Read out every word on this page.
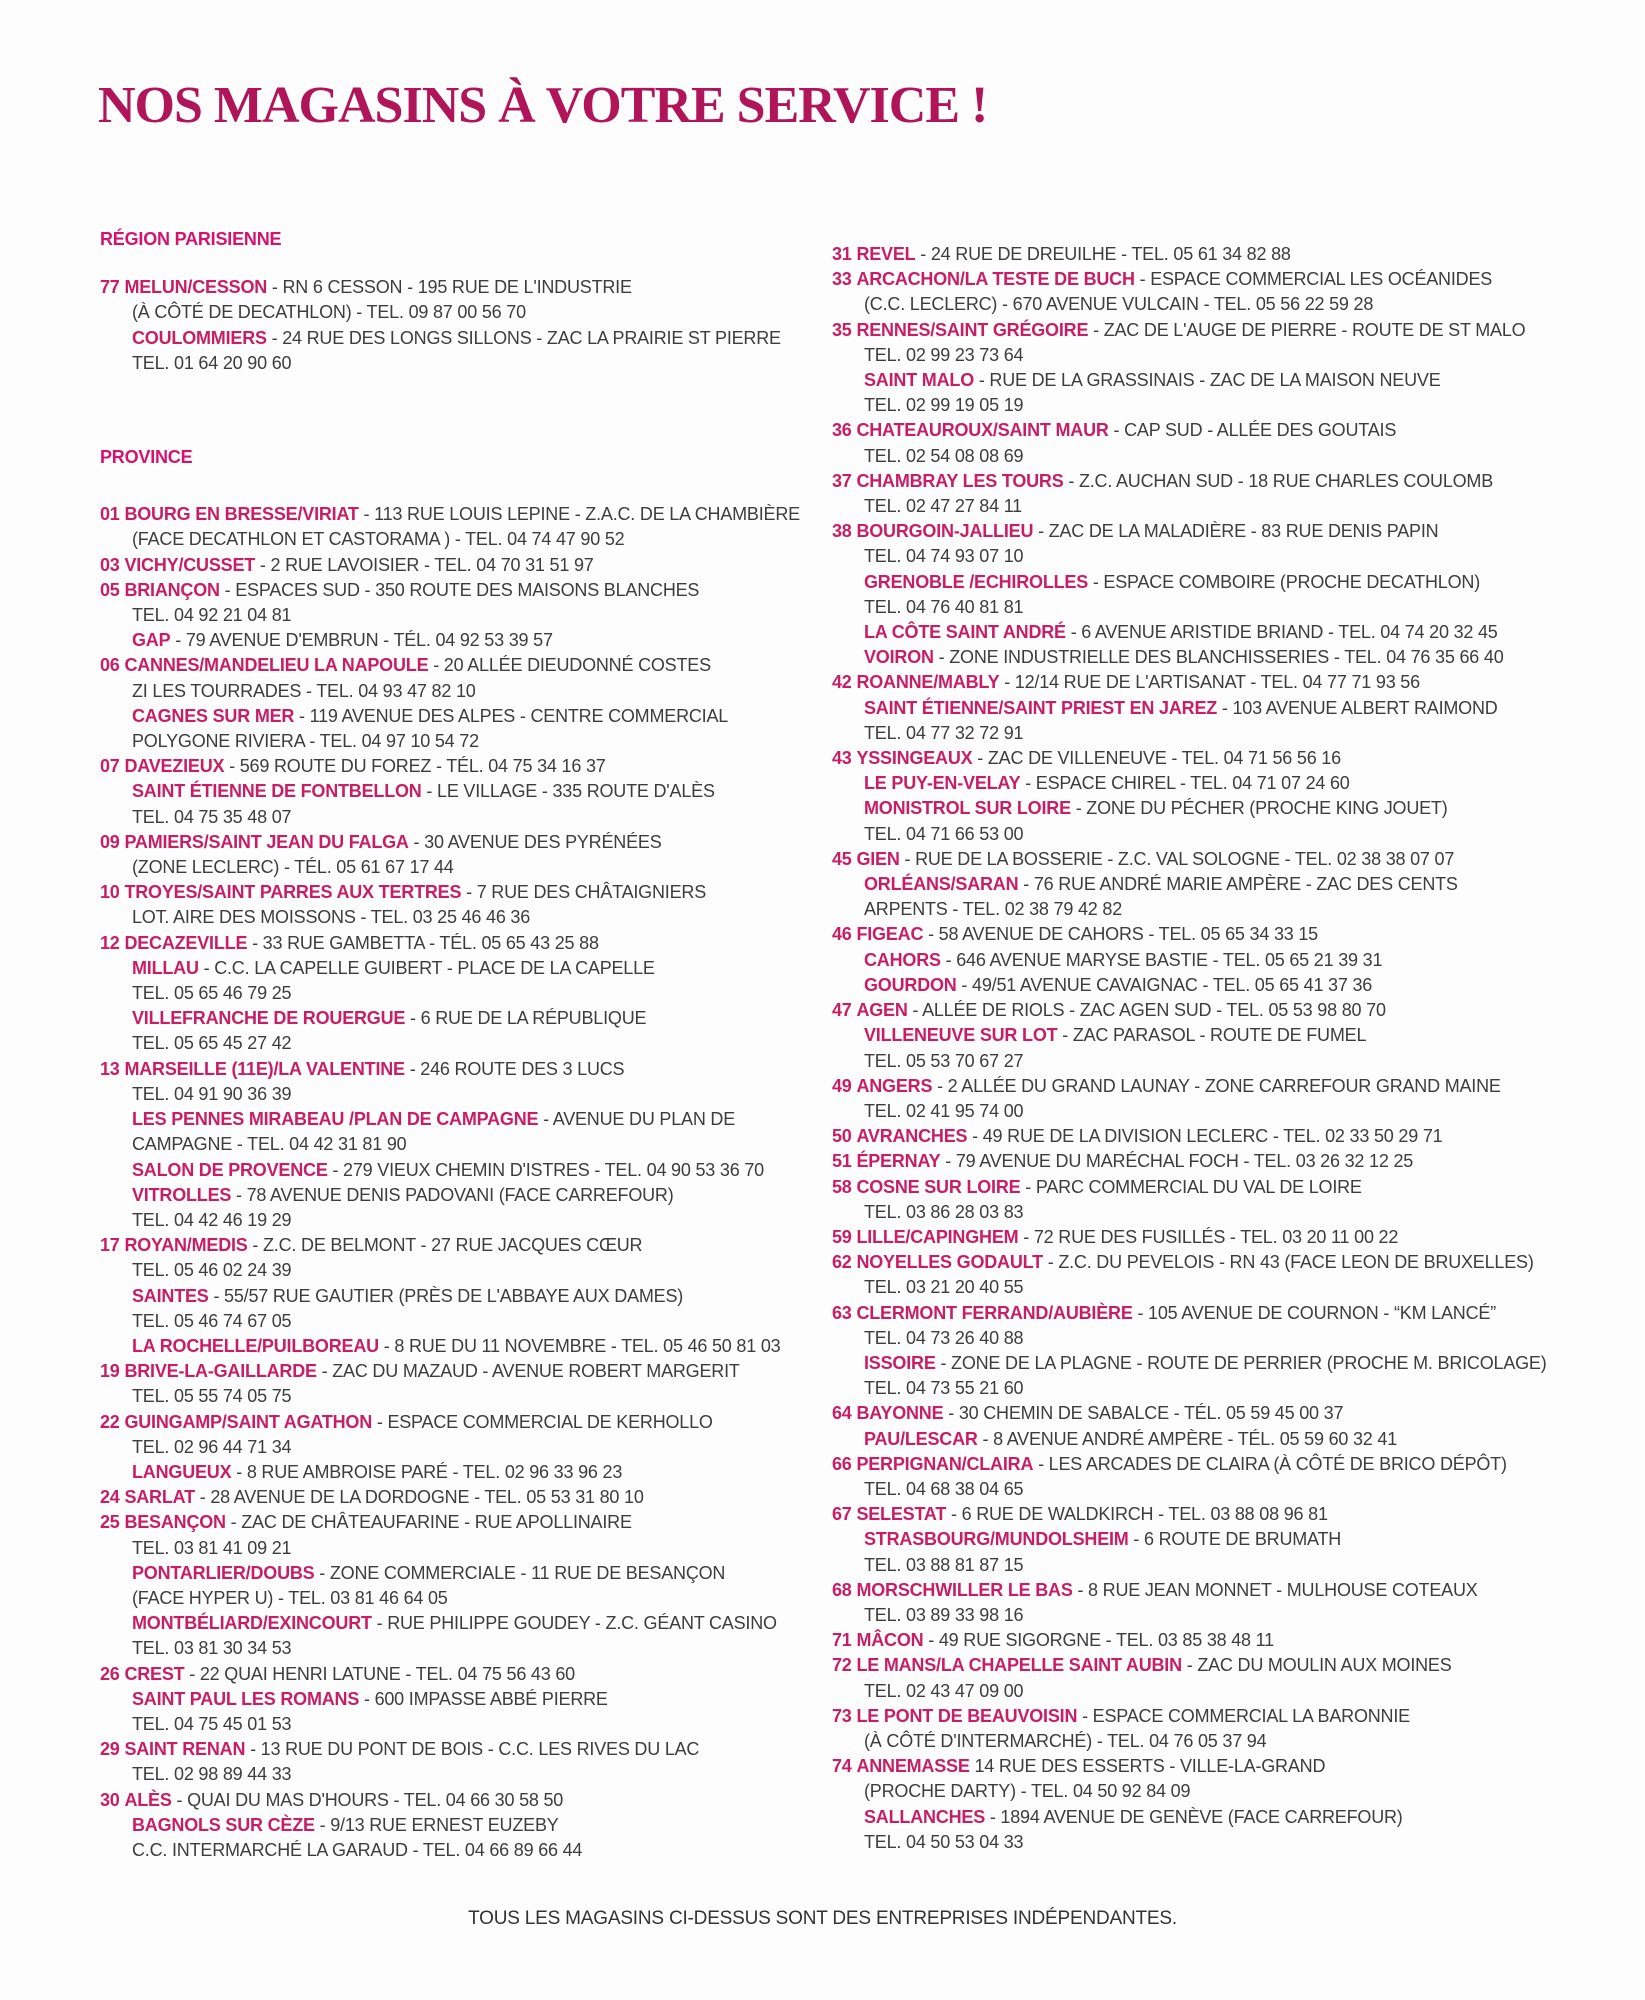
NOS MAGASINS À VOTRE SERVICE !
RÉGION PARISIENNE
77 MELUN/CESSON - RN 6 CESSON - 195 RUE DE L'INDUSTRIE
(À CÔTÉ DE DECATHLON) - TEL. 09 87 00 56 70
COULOMMIERS - 24 RUE DES LONGS SILLONS - ZAC LA PRAIRIE ST PIERRE
TEL. 01 64 20 90 60
PROVINCE
01 BOURG EN BRESSE/VIRIAT - 113 RUE LOUIS LEPINE - Z.A.C. DE LA CHAMBIÈRE
(FACE DECATHLON ET CASTORAMA ) - TEL. 04 74 47 90 52
03 VICHY/CUSSET - 2 RUE LAVOISIER - TEL. 04 70 31 51 97
05 BRIANÇON - ESPACES SUD - 350 ROUTE DES MAISONS BLANCHES
TEL. 04 92 21 04 81
GAP - 79 AVENUE D'EMBRUN - TÉL. 04 92 53 39 57
06 CANNES/MANDELIEU LA NAPOULE - 20 ALLÉE DIEUDONNÉ COSTES
ZI LES TOURRADES - TEL. 04 93 47 82 10
CAGNES SUR MER - 119 AVENUE DES ALPES - CENTRE COMMERCIAL
POLYGONE RIVIERA - TEL. 04 97 10 54 72
07 DAVEZIEUX - 569 ROUTE DU FOREZ - TÉL. 04 75 34 16 37
SAINT ÉTIENNE DE FONTBELLON - LE VILLAGE - 335 ROUTE D'ALÈS
TEL. 04 75 35 48 07
09 PAMIERS/SAINT JEAN DU FALGA - 30 AVENUE DES PYRÉNÉES
(ZONE LECLERC) - TÉL. 05 61 67 17 44
10 TROYES/SAINT PARRES AUX TERTRES - 7 RUE DES CHÂTAIGNIERS
LOT. AIRE DES MOISSONS - TEL. 03 25 46 46 36
12 DECAZEVILLE - 33 RUE GAMBETTA - TÉL. 05 65 43 25 88
MILLAU - C.C. LA CAPELLE GUIBERT - PLACE DE LA CAPELLE
TEL. 05 65 46 79 25
VILLEFRANCHE DE ROUERGUE - 6 RUE DE LA RÉPUBLIQUE
TEL. 05 65 45 27 42
13 MARSEILLE (11E)/LA VALENTINE - 246 ROUTE DES 3 LUCS
TEL. 04 91 90 36 39
LES PENNES MIRABEAU /PLAN DE CAMPAGNE - AVENUE DU PLAN DE
CAMPAGNE - TEL. 04 42 31 81 90
SALON DE PROVENCE - 279 VIEUX CHEMIN D'ISTRES - TEL. 04 90 53 36 70
VITROLLES - 78 AVENUE DENIS PADOVANI (FACE CARREFOUR)
TEL. 04 42 46 19 29
17 ROYAN/MEDIS - Z.C. DE BELMONT - 27 RUE JACQUES CŒUR
TEL. 05 46 02 24 39
SAINTES - 55/57 RUE GAUTIER (PRÈS DE L'ABBAYE AUX DAMES)
TEL. 05 46 74 67 05
LA ROCHELLE/PUILBOREAU - 8 RUE DU 11 NOVEMBRE - TEL. 05 46 50 81 03
19 BRIVE-LA-GAILLARDE - ZAC DU MAZAUD - AVENUE ROBERT MARGERIT
TEL. 05 55 74 05 75
22 GUINGAMP/SAINT AGATHON - ESPACE COMMERCIAL DE KERHOLLO
TEL. 02 96 44 71 34
LANGUEUX - 8 RUE AMBROISE PARÉ - TEL. 02 96 33 96 23
24 SARLAT - 28 AVENUE DE LA DORDOGNE - TEL. 05 53 31 80 10
25 BESANÇON - ZAC DE CHÂTEAUFARINE - RUE APOLLINAIRE
TEL. 03 81 41 09 21
PONTARLIER/DOUBS - ZONE COMMERCIALE - 11 RUE DE BESANÇON
(FACE HYPER U) - TEL. 03 81 46 64 05
MONTBÉLIARD/EXINCOURT - RUE PHILIPPE GOUDEY - Z.C. GÉANT CASINO
TEL. 03 81 30 34 53
26 CREST - 22 QUAI HENRI LATUNE - TEL. 04 75 56 43 60
SAINT PAUL LES ROMANS - 600 IMPASSE ABBÉ PIERRE
TEL. 04 75 45 01 53
29 SAINT RENAN - 13 RUE DU PONT DE BOIS - C.C. LES RIVES DU LAC
TEL. 02 98 89 44 33
30 ALÈS - QUAI DU MAS D'HOURS - TEL. 04 66 30 58 50
BAGNOLS SUR CÈZE - 9/13 RUE ERNEST EUZEBY
C.C. INTERMARCHÉ LA GARAUD - TEL. 04 66 89 66 44
31 REVEL - 24 RUE DE DREUILHE - TEL. 05 61 34 82 88
33 ARCACHON/LA TESTE DE BUCH - ESPACE COMMERCIAL LES OCÉANIDES
(C.C. LECLERC) - 670 AVENUE VULCAIN - TEL. 05 56 22 59 28
35 RENNES/SAINT GRÉGOIRE - ZAC DE L'AUGE DE PIERRE - ROUTE DE ST MALO
TEL. 02 99 23 73 64
SAINT MALO - RUE DE LA GRASSINAIS - ZAC DE LA MAISON NEUVE
TEL. 02 99 19 05 19
36 CHATEAUROUX/SAINT MAUR - CAP SUD - ALLÉE DES GOUTAIS
TEL. 02 54 08 08 69
37 CHAMBRAY LES TOURS - Z.C. AUCHAN SUD - 18 RUE CHARLES COULOMB
TEL. 02 47 27 84 11
38 BOURGOIN-JALLIEU - ZAC DE LA MALADIÈRE - 83 RUE DENIS PAPIN
TEL. 04 74 93 07 10
GRENOBLE /ECHIROLLES - ESPACE COMBOIRE (PROCHE DECATHLON)
TEL. 04 76 40 81 81
LA CÔTE SAINT ANDRÉ - 6 AVENUE ARISTIDE BRIAND - TEL. 04 74 20 32 45
VOIRON - ZONE INDUSTRIELLE DES BLANCHISSERIES - TEL. 04 76 35 66 40
42 ROANNE/MABLY - 12/14 RUE DE L'ARTISANAT - TEL. 04 77 71 93 56
SAINT ÉTIENNE/SAINT PRIEST EN JAREZ - 103 AVENUE ALBERT RAIMOND
TEL. 04 77 32 72 91
43 YSSINGEAUX - ZAC DE VILLENEUVE - TEL. 04 71 56 56 16
LE PUY-EN-VELAY - ESPACE CHIREL - TEL. 04 71 07 24 60
MONISTROL SUR LOIRE - ZONE DU PÉCHER (PROCHE KING JOUET)
TEL. 04 71 66 53 00
45 GIEN - RUE DE LA BOSSERIE - Z.C. VAL SOLOGNE - TEL. 02 38 38 07 07
ORLÉANS/SARAN - 76 RUE ANDRÉ MARIE AMPÈRE - ZAC DES CENTS
ARPENTS - TEL. 02 38 79 42 82
46 FIGEAC - 58 AVENUE DE CAHORS - TEL. 05 65 34 33 15
CAHORS - 646 AVENUE MARYSE BASTIE - TEL. 05 65 21 39 31
GOURDON - 49/51 AVENUE CAVAIGNAC - TEL. 05 65 41 37 36
47 AGEN - ALLÉE DE RIOLS - ZAC AGEN SUD - TEL. 05 53 98 80 70
VILLENEUVE SUR LOT - ZAC PARASOL - ROUTE DE FUMEL
TEL. 05 53 70 67 27
49 ANGERS - 2 ALLÉE DU GRAND LAUNAY - ZONE CARREFOUR GRAND MAINE
TEL. 02 41 95 74 00
50 AVRANCHES - 49 RUE DE LA DIVISION LECLERC - TEL. 02 33 50 29 71
51 ÉPERNAY - 79 AVENUE DU MARÉCHAL FOCH - TEL. 03 26 32 12 25
58 COSNE SUR LOIRE - PARC COMMERCIAL DU VAL DE LOIRE
TEL. 03 86 28 03 83
59 LILLE/CAPINGHEM - 72 RUE DES FUSILLÉS - TEL. 03 20 11 00 22
62 NOYELLES GODAULT - Z.C. DU PEVELOIS - RN 43 (FACE LEON DE BRUXELLES)
TEL. 03 21 20 40 55
63 CLERMONT FERRAND/AUBIÈRE - 105 AVENUE DE COURNON - “KM LANCÉ”
TEL. 04 73 26 40 88
ISSOIRE - ZONE DE LA PLAGNE - ROUTE DE PERRIER (PROCHE M. BRICOLAGE)
TEL. 04 73 55 21 60
64 BAYONNE - 30 CHEMIN DE SABALCE - TÉL. 05 59 45 00 37
PAU/LESCAR - 8 AVENUE ANDRÉ AMPÈRE - TÉL. 05 59 60 32 41
66 PERPIGNAN/CLAIRA - LES ARCADES DE CLAIRA (À CÔTÉ DE BRICO DÉPÔT)
TEL. 04 68 38 04 65
67 SELESTAT - 6 RUE DE WALDKIRCH - TEL. 03 88 08 96 81
STRASBOURG/MUNDOLSHEIM - 6 ROUTE DE BRUMATH
TEL. 03 88 81 87 15
68 MORSCHWILLER LE BAS - 8 RUE JEAN MONNET - MULHOUSE COTEAUX
TEL. 03 89 33 98 16
71 MÂCON - 49 RUE SIGORGNE - TEL. 03 85 38 48 11
72 LE MANS/LA CHAPELLE SAINT AUBIN - ZAC DU MOULIN AUX MOINES
TEL. 02 43 47 09 00
73 LE PONT DE BEAUVOISIN - ESPACE COMMERCIAL LA BARONNIE
(À CÔTÉ D'INTERMARCHÉ) - TEL. 04 76 05 37 94
74 ANNEMASSE 14 RUE DES ESSERTS - VILLE-LA-GRAND
(PROCHE DARTY) - TEL. 04 50 92 84 09
SALLANCHES - 1894 AVENUE DE GENÈVE (FACE CARREFOUR)
TEL. 04 50 53 04 33
TOUS LES MAGASINS CI-DESSUS SONT DES ENTREPRISES INDÉPENDANTES.
